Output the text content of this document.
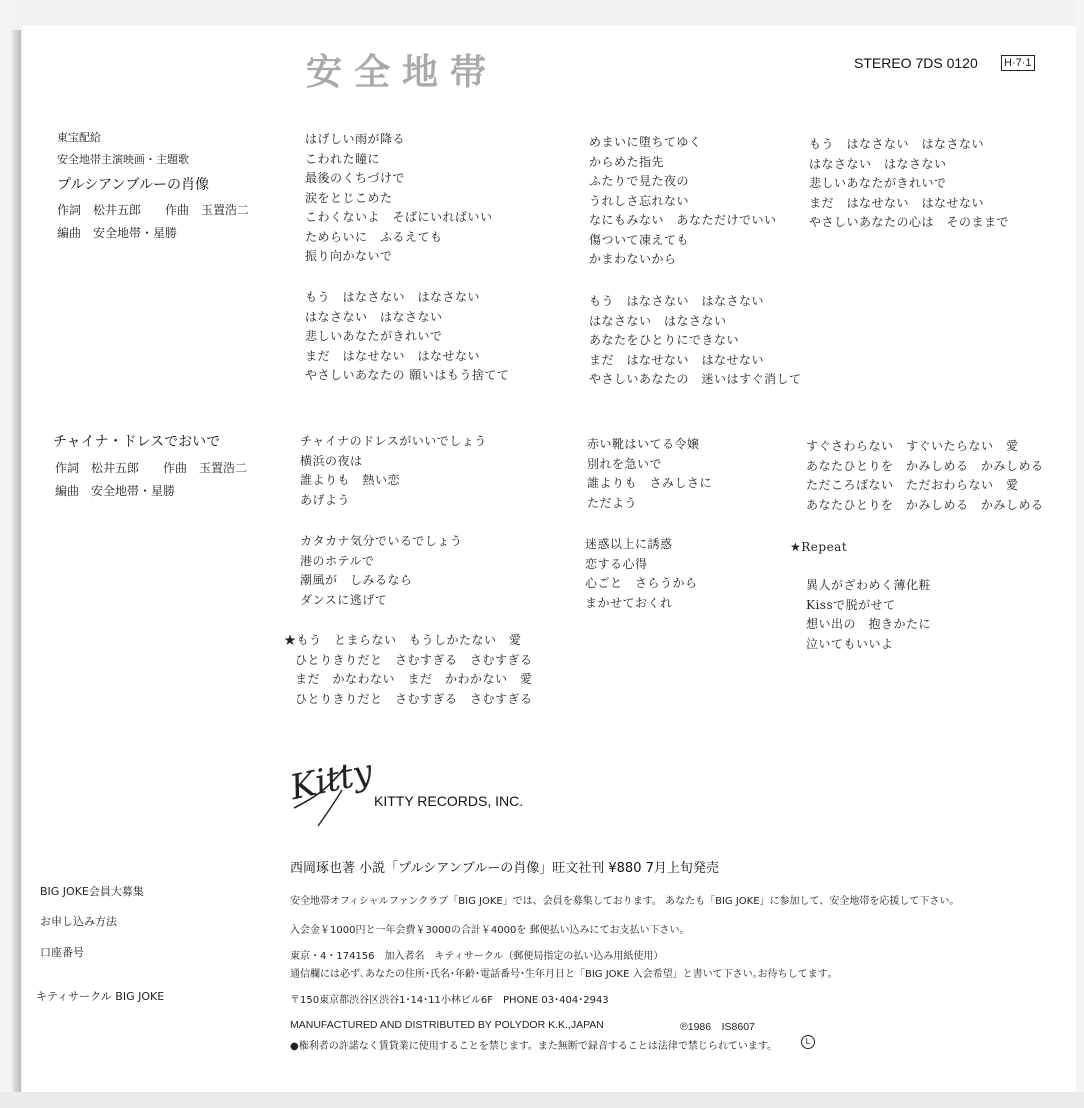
安全地帯	STEREO 7DS 0120 H·7·1
東宝配給
安全地帯主演映画・主題歌
プルシアンブルーの肖像
作詞　松井五郎　　作曲　玉置浩二
編曲　安全地帯・星勝
はげしい雨が降る
こわれた瞳に
最後のくちづけで
涙をとじこめた
こわくないよ　そばにいればいい
ためらいに　ふるえても
振り向かないで
もう　はなさない　はなさない
はなさない　はなさない
悲しいあなたがきれいで
まだ　はなせない　はなせない
やさしいあなたの 願いはもう捨てて
めまいに堕ちてゆく
からめた指先
ふたりで見た夜の
うれしさ忘れない
なにもみない　あなただけでいい
傷ついて凍えても
かまわないから
もう　はなさない　はなさない
はなさない　はなさない
あなたをひとりにできない
まだ　はなせない　はなせない
やさしいあなたの　迷いはすぐ消して
もう　はなさない　はなさない
はなさない　はなさない
悲しいあなたがきれいで
まだ　はなせない　はなせない
やさしいあなたの心は　そのままで
チャイナ・ドレスでおいで
作詞　松井五郎　　作曲　玉置浩二
編曲　安全地帯・星勝
チャイナのドレスがいいでしょう
横浜の夜は
誰よりも　熱い恋
あげよう
カタカナ気分でいるでしょう
港のホテルで
潮風が　しみるなら
ダンスに逃げて
★もう　とまらない　もうしかたない　愛
ひとりきりだと　さむすぎる　さむすぎる
まだ　かなわない　まだ　かわかない　愛
ひとりきりだと　さむすぎる　さむすぎる
赤い靴はいてる令嬢
別れを急いで
誰よりも　さみしさに
ただよう
迷惑以上に誘惑
恋する心得
心ごと　さらうから
まかせておくれ
すぐさわらない　すぐいたらない　愛
あなたひとりを　かみしめる　かみしめる
ただころばない　ただおわらない　愛
あなたひとりを　かみしめる　かみしめる
★Repeat
異人がざわめく薄化粧
Kissで脱がせて
想い出の　抱きかたに
泣いてもいいよ
Kitty
KITTY RECORDS, INC.
西岡琢也著 小説「プルシアンブルーの肖像」旺文社刊 ¥880 7月上旬発売
BIG JOKE会員大募集
お申し込み方法
口座番号
キティサークル BIG JOKE
安全地帯オフィシャルファンクラブ「BIG JOKE」では、会員を募集しております。 あなたも「BIG JOKE」に参加して、安全地帯を応援して下さい。
入会金￥1000円と一年会費￥3000の合計￥4000を 郵便払い込みにてお支払い下さい。
東京・4・174156　加入者名　キティサークル（郵便局指定の払い込み用紙使用）
通信欄には必ず､あなたの住所･氏名･年齢･電話番号･生年月日と「BIG JOKE 入会希望」と書いて下さい｡お待ちしてます｡
〒150東京都渋谷区渋谷1･14･11小林ビル6F　PHONE 03･404･2943
MANUFACTURED AND DISTRIBUTED BY POLYDOR K.K.,JAPAN	℗1986　IS8607
●権利者の許諾なく賃貸業に使用することを禁じます。また無断で録音することは法律で禁じられています。	L
